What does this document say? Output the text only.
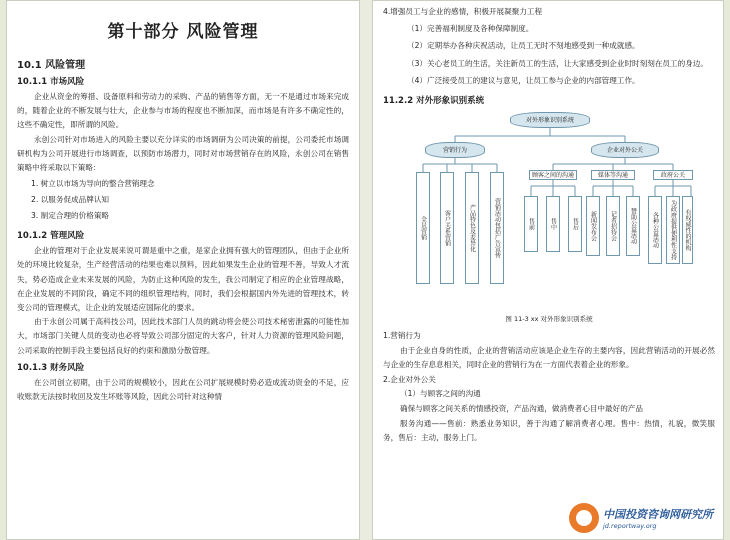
第十部分 风险管理
10.1 风险管理
10.1.1 市场风险

企业从资金的筹措、设备原料和劳动力的采购、产品的销售等方面，无一不是通过市场来完成的，随着企业的不断发展与壮大，企业参与市场的程度也不断加深，而市场是有许多不确定性的，这些不确定性，即所谓的风险。

永创公司针对市场进入的风险主要以充分详实的市场调研为公司决策的前提，公司委托市场调研机构为公司开展进行市场调查，以预防市场潜力，同时对市场营销存在的风险，永创公司在销售策略中将采取以下策略：

1. 树立以市场为导向的整合营销理念
2. 以服务促成品牌认知
3. 制定合理的价格策略
10.1.2 管理风险

企业的管理对于企业发展来说可谓是重中之重，是家企业拥有强大的管理团队，但由于企业所处的环境比较复杂，生产经营活动的结果也难以预料，因此如果发生企业的管理不善，导致人才流失，势必造成企业未来发展的风险，为防止这种风险的发生，我公司制定了相应的企业管理战略，在企业发展的不同阶段，确定不同的组织管理结构，同时，我们会根据国内外先进的管理技术，转变公司的管理模式，让企业的发展适应国际化的要求。

由于永创公司属于高科技公司，因此技术部门人员的跳动将会使公司技术秘密泄露的可能性加大，市场部门关键人员的变动也必将导致公司部分固定的大客户，针对人力资源的管理风险问题，公司采取的控制手段主要包括良好的约束和激励分散管理。

10.1.3 财务风险

在公司创立初期，由于公司的规模较小，因此在公司扩展规模时势必造成流动资金的不足，应收账款无法按时收回及发生坏账等风险，因此公司针对这种情

4.增强员工与企业的感情，积极开展凝聚力工程

（1）完善福利制度及各种保障制度。
（2）定期举办各种庆祝活动，让员工无时不刻地感受到一种成就感。
（3）关心老员工的生活，关注新员工的生活，让大家感受到企业时时刻刻在员工的身边。
（4）广泛接受员工的建议与意见，让员工参与企业的内部管理工作。
11.2.2 对外形象识别系统
对外形象识别系统
营销行为	企业对外公关
顾客之间的沟通	媒体等沟通	政府公关
全员营销	客户关系营销	产品特色及差异化	营销活动包括广告宣传	售前	售中	售后	新闻发布会	记者招待会	赞助公益活动	各种公益活动	为政府提供便利性支持	有权威性的机构
图 11-3 xx 对外形象识别系统

1.营销行为

由于企业自身的性质，企业的营销活动应该是企业生存的主要内容，因此营销活动的开展必然与企业的生存息息相关，同时企业的营销行为在一方面代表着企业的形象。

2.企业对外公关

（1）与顾客之间的沟通

确保与顾客之间关系的情感投资，产品沟通，做消费者心目中最好的产品

服务沟通——售前：熟悉业务知识，善于沟通了解消费者心理。售中：热情，礼貌，微笑服务，售后：主动，服务上门。

中国投资咨询网研究所
jd.reportway.org
